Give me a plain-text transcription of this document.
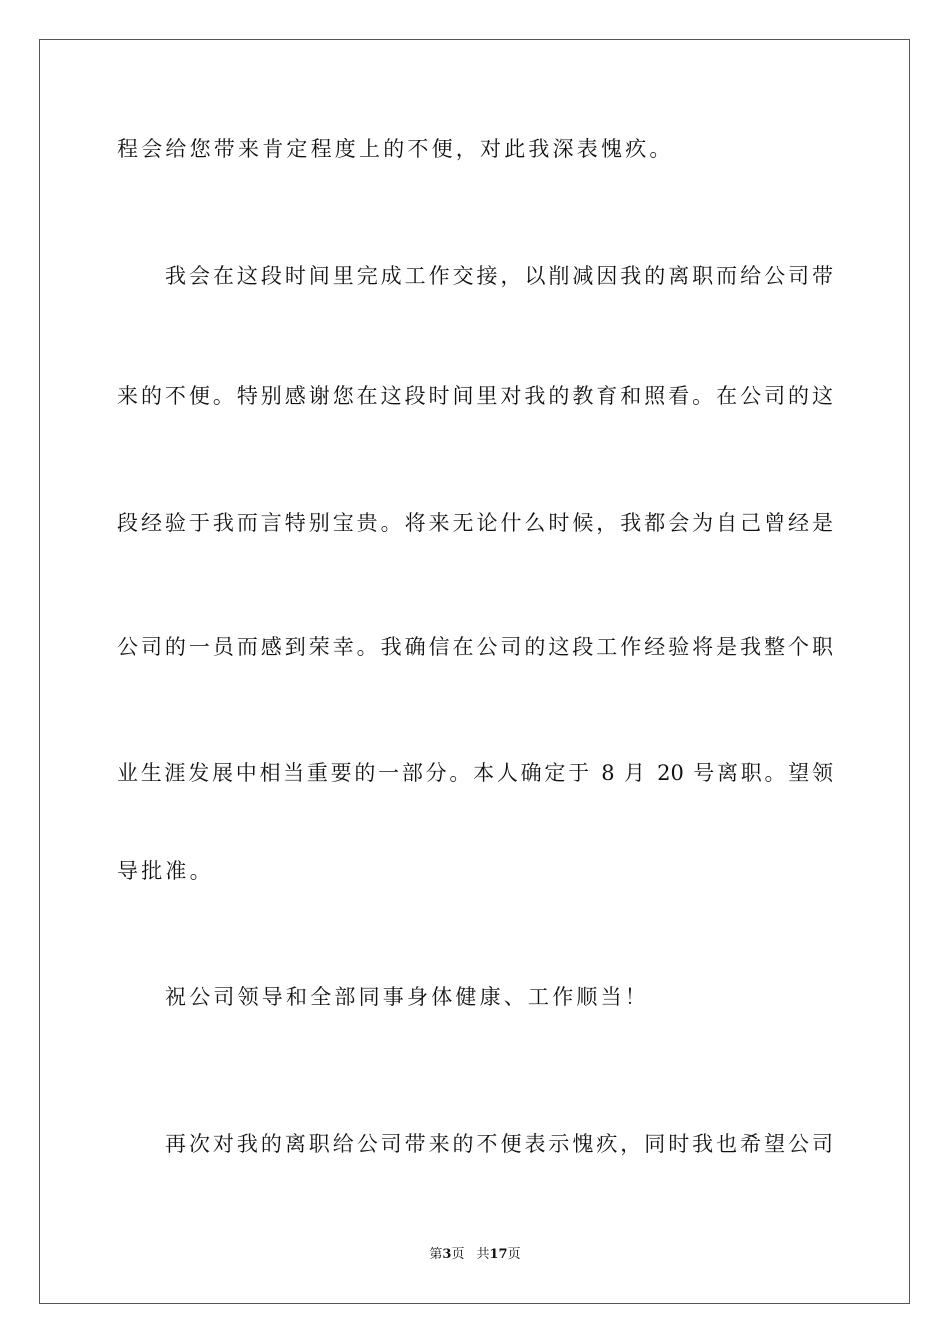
程会给您带来肯定程度上的不便，对此我深表愧疚。
我会在这段时间里完成工作交接，以削减因我的离职而给公司带
来的不便。特别感谢您在这段时间里对我的教育和照看。在公司的这
段经验于我而言特别宝贵。将来无论什么时候，我都会为自己曾经是
公司的一员而感到荣幸。我确信在公司的这段工作经验将是我整个职
业生涯发展中相当重要的一部分。本人确定于 8 月 20 号离职。望领
导批准。
祝公司领导和全部同事身体健康、工作顺当！
再次对我的离职给公司带来的不便表示愧疚，同时我也希望公司
第3页 共17页
